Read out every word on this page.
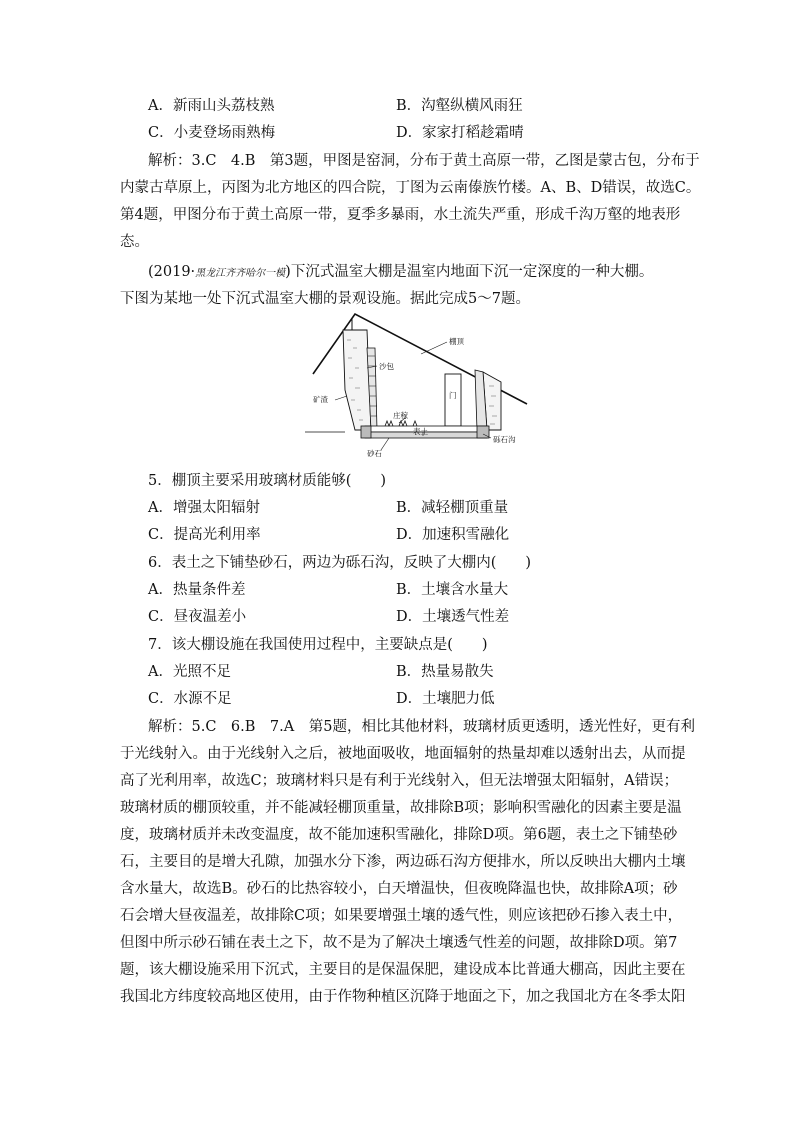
A．新雨山头荔枝熟	B．沟壑纵横风雨狂
C．小麦登场雨熟梅	D．家家打稻趁霜晴
解析：3.C　4.B　第3题，甲图是窑洞，分布于黄土高原一带，乙图是蒙古包，分布于
内蒙古草原上，丙图为北方地区的四合院，丁图为云南傣族竹楼。A、B、D错误，故选C。
第4题，甲图分布于黄土高原一带，夏季多暴雨，水土流失严重，形成千沟万壑的地表形
态。
(2019·黑龙江齐齐哈尔一模)下沉式温室大棚是温室内地面下沉一定深度的一种大棚。
下图为某地一处下沉式温室大棚的景观设施。据此完成5～7题。
棚顶
沙包
矿渣	门
庄稼
表土
砾石沟
砂石
5．棚顶主要采用玻璃材质能够(　　)
A．增强太阳辐射	B．减轻棚顶重量
C．提高光利用率	D．加速积雪融化
6．表土之下铺垫砂石，两边为砾石沟，反映了大棚内(　　)
A．热量条件差	B．土壤含水量大
C．昼夜温差小	D．土壤透气性差
7．该大棚设施在我国使用过程中，主要缺点是(　　)
A．光照不足	B．热量易散失
C．水源不足	D．土壤肥力低
解析：5.C　6.B　7.A　第5题，相比其他材料，玻璃材质更透明，透光性好，更有利
于光线射入。由于光线射入之后，被地面吸收，地面辐射的热量却难以透射出去，从而提
高了光利用率，故选C；玻璃材料只是有利于光线射入，但无法增强太阳辐射，A错误；
玻璃材质的棚顶较重，并不能减轻棚顶重量，故排除B项；影响积雪融化的因素主要是温
度，玻璃材质并未改变温度，故不能加速积雪融化，排除D项。第6题，表土之下铺垫砂
石，主要目的是增大孔隙，加强水分下渗，两边砾石沟方便排水，所以反映出大棚内土壤
含水量大，故选B。砂石的比热容较小，白天增温快，但夜晚降温也快，故排除A项；砂
石会增大昼夜温差，故排除C项；如果要增强土壤的透气性，则应该把砂石掺入表土中，
但图中所示砂石铺在表土之下，故不是为了解决土壤透气性差的问题，故排除D项。第7
题，该大棚设施采用下沉式，主要目的是保温保肥，建设成本比普通大棚高，因此主要在
我国北方纬度较高地区使用，由于作物种植区沉降于地面之下，加之我国北方在冬季太阳
